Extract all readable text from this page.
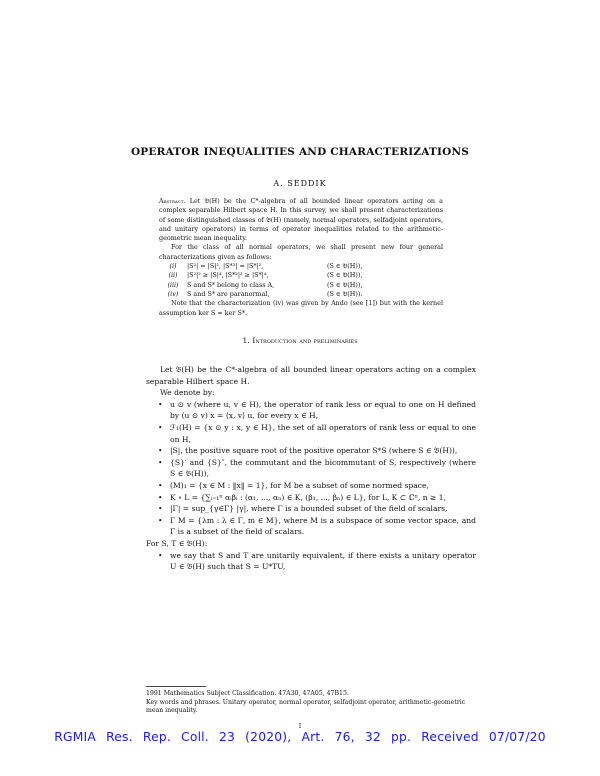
OPERATOR INEQUALITIES AND CHARACTERIZATIONS
A. SEDDIK

Abstract. Let 𝔅(H) be the C*-algebra of all bounded linear operators acting on a complex separable Hilbert space H. In this survey, we shall present characterizations of some distinguished classes of 𝔅(H) (namely, normal operators, selfadjoint operators, and unitary operators) in terms of operator inequalities related to the arithmetic-geometric mean inequality.

For the class of all normal operators, we shall present new four general characterizations given as follows:

(i)	|S²| = |S|², |S*²| = |S*|²,	(S ∈ 𝔅(H)),
(ii)	|S²|² ≥ |S|⁴, |S*²|² ≥ |S*|⁴,	(S ∈ 𝔅(H)),
(iii)	S and S* belong to class A,	(S ∈ 𝔅(H)),
(iv)	S and S* are paranormal,	(S ∈ 𝔅(H)).

Note that the characterization (iv) was given by Ando (see [1]) but with the kernel assumption ker S = ker S*.

1. Introduction and preliminaries

Let 𝔅(H) be the C*-algebra of all bounded linear operators acting on a complex separable Hilbert space H.

We denote by:

• u ⊙ v (where u, v ∈ H), the operator of rank less or equal to one on H defined by (u ⊙ v) x = ⟨x, v⟩ u, for every x ∈ H,
• ℱ₁(H) = {x ⊙ y : x, y ∈ H}, the set of all operators of rank less or equal to one on H,
• |S|, the positive square root of the positive operator S*S (where S ∈ 𝔅(H)),
• {S}′ and {S}″, the commutant and the bicommutant of S, respectively (where S ∈ 𝔅(H)),
• (M)₁ = {x ∈ M : ‖x‖ = 1}, for M be a subset of some normed space,
• K ∘ L = {∑ᵢ₌₁ⁿ αᵢβᵢ : (α₁, ..., αₙ) ∈ K, (β₁, ..., βₙ) ∈ L}, for L, K ⊂ ℂⁿ, n ≥ 1,
• |Γ| = sup_{γ∈Γ} |γ|, where Γ is a bounded subset of the field of scalars,
• Γ M = {λm : λ ∈ Γ, m ∈ M}, where M is a subspace of some vector space, and Γ is a subset of the field of scalars.

For S, T ∈ 𝔅(H):

• we say that S and T are unitarily equivalent, if there exists a unitary operator U ∈ 𝔅(H) such that S = U*TU,

1991 Mathematics Subject Classification. 47A30, 47A05, 47B15.

Key words and phrases. Unitary operator, normal operator, selfadjoint operator, arithmetic-geometric mean inequality.

1
RGMIA Res. Rep. Coll. 23 (2020), Art. 76, 32 pp. Received 07/07/20
